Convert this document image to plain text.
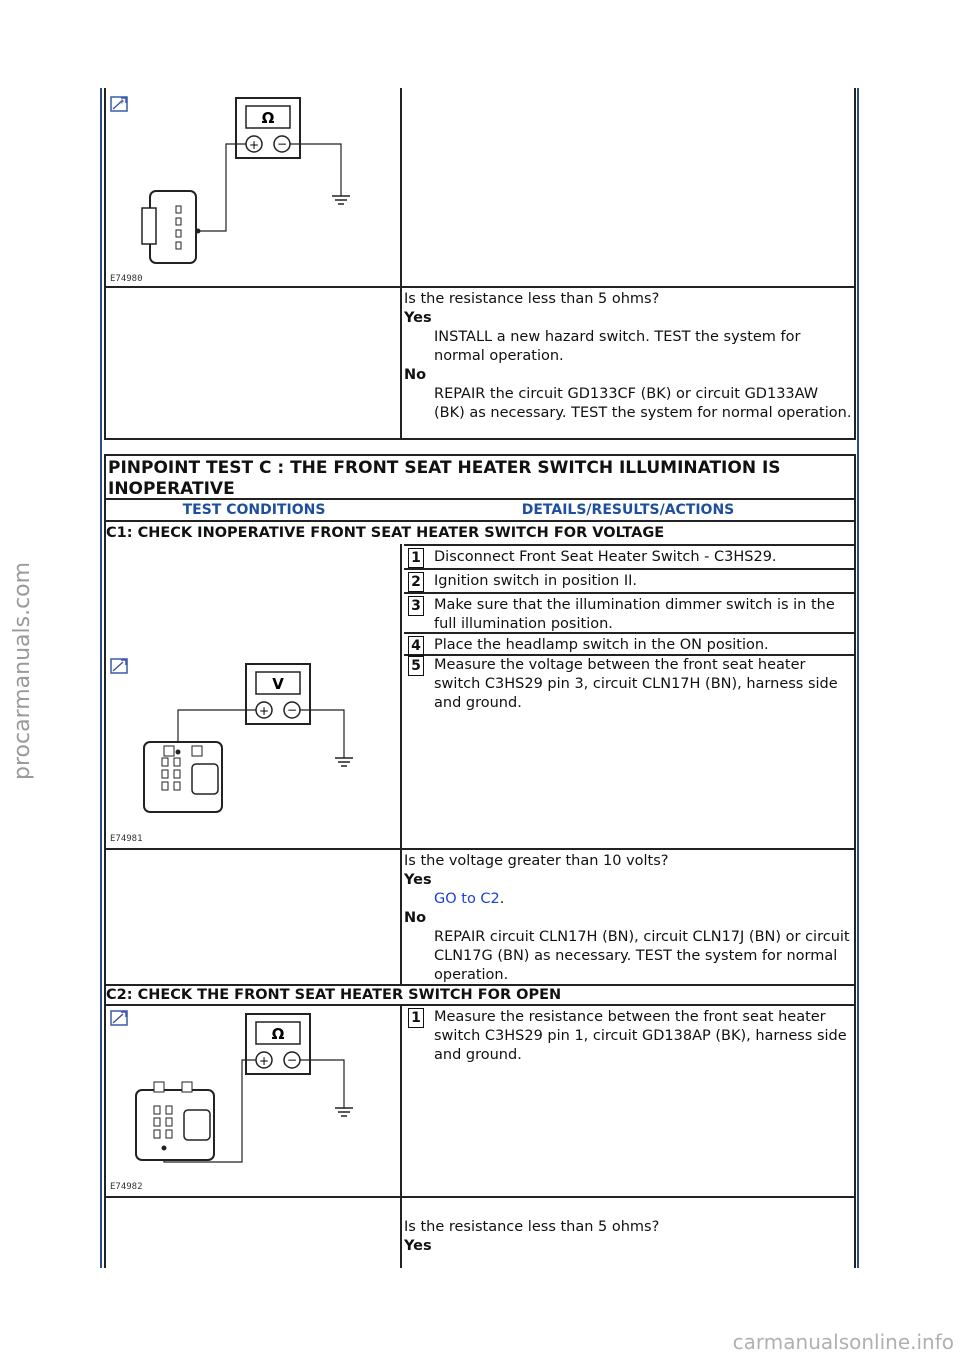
procarmanuals.com
+
Ω
+ −
E74980
Is the resistance less than 5 ohms?
Yes
INSTALL a new hazard switch. TEST the system for normal operation.
No
REPAIR the circuit GD133CF (BK) or circuit GD133AW (BK) as necessary. TEST the system for normal operation.
PINPOINT TEST C : THE FRONT SEAT HEATER SWITCH ILLUMINATION IS INOPERATIVE
TEST CONDITIONS	DETAILS/RESULTS/ACTIONS
C1: CHECK INOPERATIVE FRONT SEAT HEATER SWITCH FOR VOLTAGE
1 Disconnect Front Seat Heater Switch - C3HS29.
2 Ignition switch in position II.
3 Make sure that the illumination dimmer switch is in the full illumination position.
4 Place the headlamp switch in the ON position.
V
+ −
E74981
5 Measure the voltage between the front seat heater switch C3HS29 pin 3, circuit CLN17H (BN), harness side and ground.
Is the voltage greater than 10 volts?
Yes
GO to C2.
No
REPAIR circuit CLN17H (BN), circuit CLN17J (BN) or circuit CLN17G (BN) as necessary. TEST the system for normal operation.
C2: CHECK THE FRONT SEAT HEATER SWITCH FOR OPEN
Ω
+ −
E74982
1 Measure the resistance between the front seat heater switch C3HS29 pin 1, circuit GD138AP (BK), harness side and ground.
Is the resistance less than 5 ohms?
Yes
carmanualsonline.info
